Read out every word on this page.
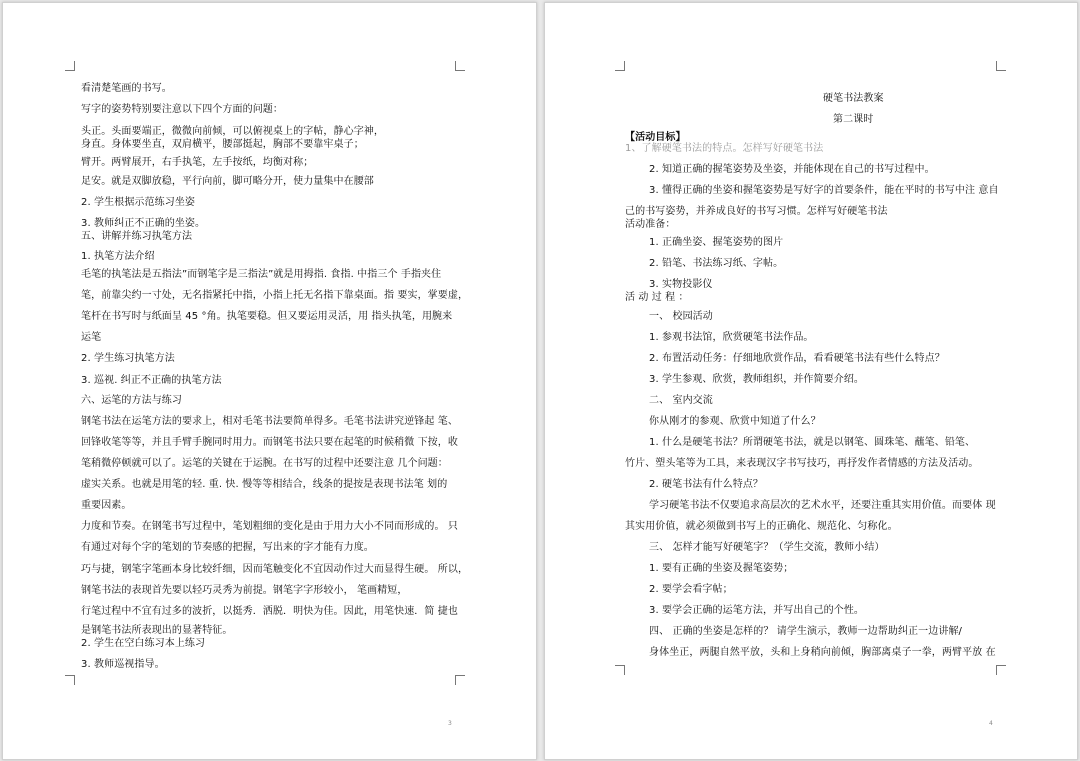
看清楚笔画的书写。
写字的姿势特别要注意以下四个方面的问题：
头正。头面要端正，微微向前倾，可以俯视桌上的字帖，静心字神，
身直。身体要坐直，双肩横平，腰部挺起，胸部不要靠牢桌子；
臂开。两臂展开，右手执笔，左手按纸，均衡对称；
足安。就是双脚放稳，平行向前，脚可略分开，使力量集中在腰部
2. 学生根据示范练习坐姿
3. 教师纠正不正确的坐姿。
五、讲解并练习执笔方法
1. 执笔方法介绍
毛笔的执笔法是五指法”而钢笔字是三指法”就是用拇指. 食指. 中指三个 手指夹住
笔，前靠尖约一寸处，无名指紧托中指，小指上托无名指下靠桌面。指 要实，掌要虚，
笔杆在书写时与纸面呈 45 °角。执笔要稳。但又要运用灵活，用 指头执笔，用腕来
运笔
2. 学生练习执笔方法
3. 巡视. 纠正不正确的执笔方法
六、运笔的方法与练习
钢笔书法在运笔方法的要求上，相对毛笔书法要简单得多。毛笔书法讲究逆锋起 笔、
回锋收笔等等，并且手臂手腕同时用力。而钢笔书法只要在起笔的时候稍微 下按，收
笔稍微停顿就可以了。运笔的关键在于运腕。在书写的过程中还要注意 几个问题：
虚实关系。也就是用笔的轻. 重. 快. 慢等等相结合，线条的提按是表现书法笔 划的
重要因素。
力度和节奏。在钢笔书写过程中，笔划粗细的变化是由于用力大小不同而形成的。 只
有通过对每个字的笔划的节奏感的把握，写出来的字才能有力度。
巧与捷，钢笔字笔画本身比较纤细，因而笔触变化不宜因动作过大而显得生硬。 所以，
钢笔书法的表现首先要以轻巧灵秀为前提。钢笔字字形较小， 笔画精短，
行笔过程中不宜有过多的波折，以挺秀．洒脱．明快为佳。因此，用笔快速．简 捷也
是钢笔书法所表现出的显著特征。
2. 学生在空白练习本上练习
3. 教师巡视指导。
3
硬笔书法教案
第二课时
【活动目标】
1、了解硬笔书法的特点。怎样写好硬笔书法
2. 知道正确的握笔姿势及坐姿，并能体现在自己的书写过程中。
3. 懂得正确的坐姿和握笔姿势是写好字的首要条件，能在平时的书写中注 意自
己的书写姿势，并养成良好的书写习惯。怎样写好硬笔书法
活动准备：
1. 正确坐姿、握笔姿势的图片
2. 铅笔、书法练习纸、字帖。
3. 实物投影仪
活 动 过 程 ：
一、 校园活动
1. 参观书法馆，欣赏硬笔书法作品。
2. 布置活动任务：仔细地欣赏作品，看看硬笔书法有些什么特点？
3. 学生参观、欣赏，教师组织，并作简要介绍。
二、 室内交流
你从刚才的参观、欣赏中知道了什么？
1. 什么是硬笔书法？所谓硬笔书法，就是以钢笔、圆珠笔、蘸笔、铅笔、
竹片、塑头笔等为工具，来表现汉字书写技巧，再抒发作者情感的方法及活动。
2. 硬笔书法有什么特点？
学习硬笔书法不仅要追求高层次的艺术水平，还要注重其实用价值。而要体 现
其实用价值，就必须做到书写上的正确化、规范化、匀称化。
三、 怎样才能写好硬笔字？（学生交流，教师小结）
1. 要有正确的坐姿及握笔姿势；
2. 要学会看字帖；
3. 要学会正确的运笔方法，并写出自己的个性。
四、 正确的坐姿是怎样的？ 请学生演示，教师一边帮助纠正一边讲解/
身体坐正，两腿自然平放，头和上身稍向前倾，胸部离桌子一拳，两臂平放 在
4
